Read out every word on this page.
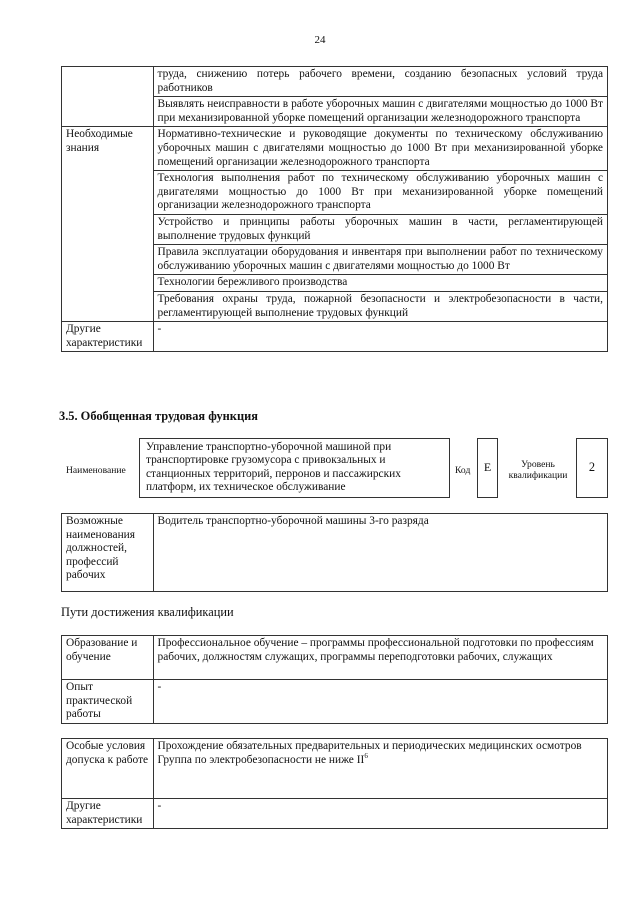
24
	труда, снижению потерь рабочего времени, созданию безопасных условий труда работников
	Выявлять неисправности в работе уборочных машин с двигателями мощностью до 1000 Вт при механизированной уборке помещений организации железнодорожного транспорта
Необходимые знания	Нормативно-технические и руководящие документы по техническому обслуживанию уборочных машин с двигателями мощностью до 1000 Вт при механизированной уборке помещений организации железнодорожного транспорта
	Технология выполнения работ по техническому обслуживанию уборочных машин с двигателями мощностью до 1000 Вт при механизированной уборке помещений организации железнодорожного транспорта
	Устройство и принципы работы уборочных машин в части, регламентирующей выполнение трудовых функций
	Правила эксплуатации оборудования и инвентаря при выполнении работ по техническому обслуживанию уборочных машин с двигателями мощностью до 1000 Вт
	Технологии бережливого производства
	Требования охраны труда, пожарной безопасности и электробезопасности в части, регламентирующей выполнение трудовых функций
Другие характеристики	-
3.5. Обобщенная трудовая функция
Наименование
Управление транспортно-уборочной машиной при транспортировке грузомусора с привокзальных и станционных территорий, перронов и пассажирских платформ, их техническое обслуживание
Код	E	Уровень квалификации
2
Возможные наименования должностей, профессий рабочих	Водитель транспортно-уборочной машины 3-го разряда
Пути достижения квалификации
Образование и обучение	Профессиональное обучение – программы профессиональной подготовки по профессиям рабочих, должностям служащих, программы переподготовки рабочих, служащих
Опыт практической работы	-
Особые условия допуска к работе	Прохождение обязательных предварительных и периодических медицинских осмотров
Группа по электробезопасности не ниже $II^6$

Другие характеристики	-
